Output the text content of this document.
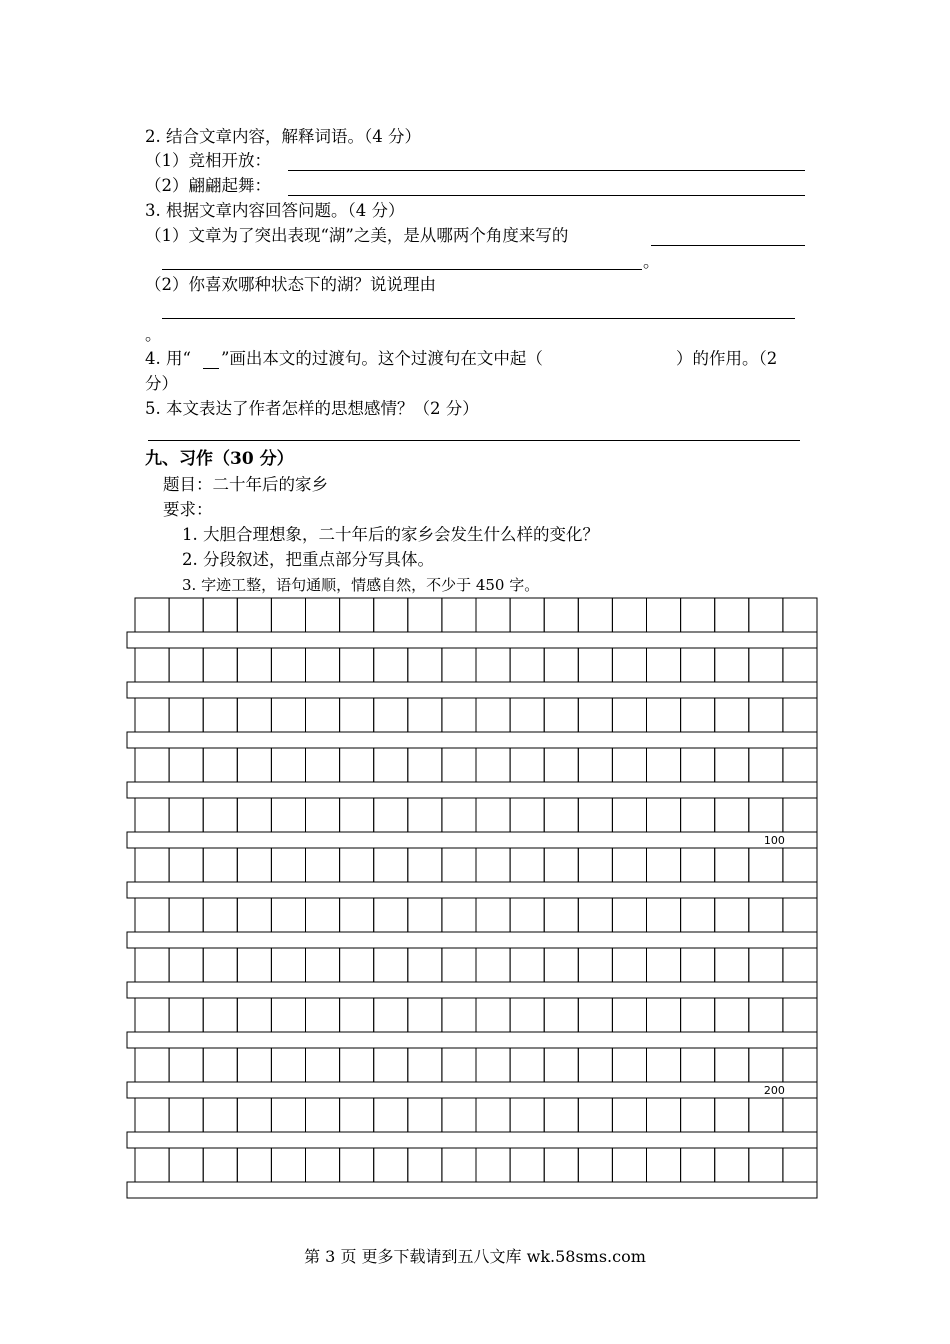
2. 结合文章内容，解释词语。（4 分）
（1）竞相开放：
（2）翩翩起舞：
3. 根据文章内容回答问题。（4 分）
（1）文章为了突出表现“湖”之美，是从哪两个角度来写的
。
（2）你喜欢哪种状态下的湖？说说理由
。
4. 用“ ”画出本文的过渡句。这个过渡句在文中起（	）的作用。（2
分）
5. 本文表达了作者怎样的思想感情？（2 分）
九、习作（30 分）
题目：二十年后的家乡
要求：
1. 大胆合理想象，二十年后的家乡会发生什么样的变化？
2. 分段叙述，把重点部分写具体。
3. 字迹工整，语句通顺，情感自然，不少于 450 字。
第 3 页 更多下载请到五八文库 wk.58sms.com
100
200
